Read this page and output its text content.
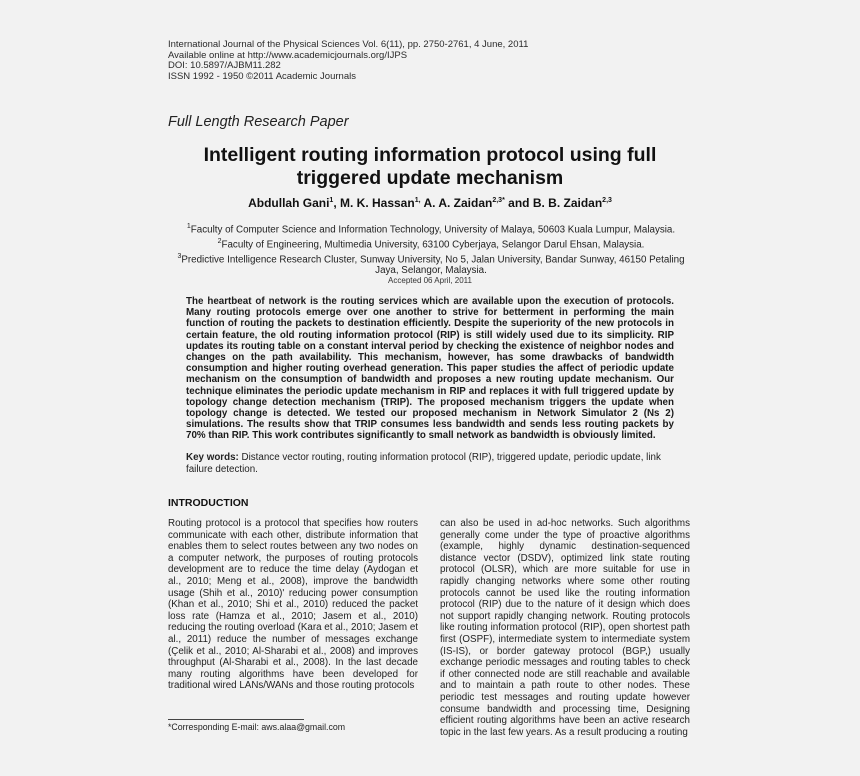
International Journal of the Physical Sciences Vol. 6(11), pp. 2750-2761, 4 June, 2011
Available online at http://www.academicjournals.org/IJPS
DOI: 10.5897/AJBM11.282
ISSN 1992 - 1950 ©2011 Academic Journals
Full Length Research Paper
Intelligent routing information protocol using full
triggered update mechanism
Abdullah Gani$^1$, M. K. Hassan$^{1,}$ A. A. Zaidan$^{2,3*}$ and B. B. Zaidan$^{2,3}$
$^1$Faculty of Computer Science and Information Technology, University of Malaya, 50603 Kuala Lumpur, Malaysia.
$^2$Faculty of Engineering, Multimedia University, 63100 Cyberjaya, Selangor Darul Ehsan, Malaysia.
$^3$Predictive Intelligence Research Cluster, Sunway University, No 5, Jalan University, Bandar Sunway, 46150 Petaling Jaya, Selangor, Malaysia.
Accepted 06 April, 2011
The heartbeat of network is the routing services which are available upon the execution of protocols. Many routing protocols emerge over one another to strive for betterment in performing the main function of routing the packets to destination efficiently. Despite the superiority of the new protocols in certain feature, the old routing information protocol (RIP) is still widely used due to its simplicity. RIP updates its routing table on a constant interval period by checking the existence of neighbor nodes and changes on the path availability. This mechanism, however, has some drawbacks of bandwidth consumption and higher routing overhead generation. This paper studies the affect of periodic update mechanism on the consumption of bandwidth and proposes a new routing update mechanism. Our technique eliminates the periodic update mechanism in RIP and replaces it with full triggered update by topology change detection mechanism (TRIP). The proposed mechanism triggers the update when topology change is detected. We tested our proposed mechanism in Network Simulator 2 (Ns 2) simulations. The results show that TRIP consumes less bandwidth and sends less routing packets by 70% than RIP. This work contributes significantly to small network as bandwidth is obviously limited.
Key words: Distance vector routing, routing information protocol (RIP), triggered update, periodic update, link failure detection.
INTRODUCTION
Routing protocol is a protocol that specifies how routers communicate with each other, distribute information that enables them to select routes between any two nodes on a computer network, the purposes of routing protocols development are to reduce the time delay (Aydogan et al., 2010; Meng et al., 2008), improve the bandwidth usage (Shih et al., 2010)' reducing power consumption (Khan et al., 2010; Shi et al., 2010) reduced the packet loss rate (Hamza et al., 2010; Jasem et al., 2010) reducing the routing overload (Kara et al., 2010; Jasem et al., 2011) reduce the number of messages exchange (Çelik et al., 2010; Al-Sharabi et al., 2008) and improves throughput (Al-Sharabi et al., 2008). In the last decade many routing algorithms have been developed for traditional wired LANs/WANs and those routing protocols
can also be used in ad-hoc networks. Such algorithms generally come under the type of proactive algorithms (example, highly dynamic destination-sequenced distance vector (DSDV), optimized link state routing protocol (OLSR), which are more suitable for use in rapidly changing networks where some other routing protocols cannot be used like the routing information protocol (RIP) due to the nature of it design which does not support rapidly changing network. Routing protocols like routing information protocol (RIP), open shortest path first (OSPF), intermediate system to intermediate system (IS-IS), or border gateway protocol (BGP,) usually exchange periodic messages and routing tables to check if other connected node are still reachable and available and to maintain a path route to other nodes. These periodic test messages and routing update however consume bandwidth and processing time, Designing efficient routing algorithms have been an active research topic in the last few years. As a result producing a routing
*Corresponding E-mail: aws.alaa@gmail.com
